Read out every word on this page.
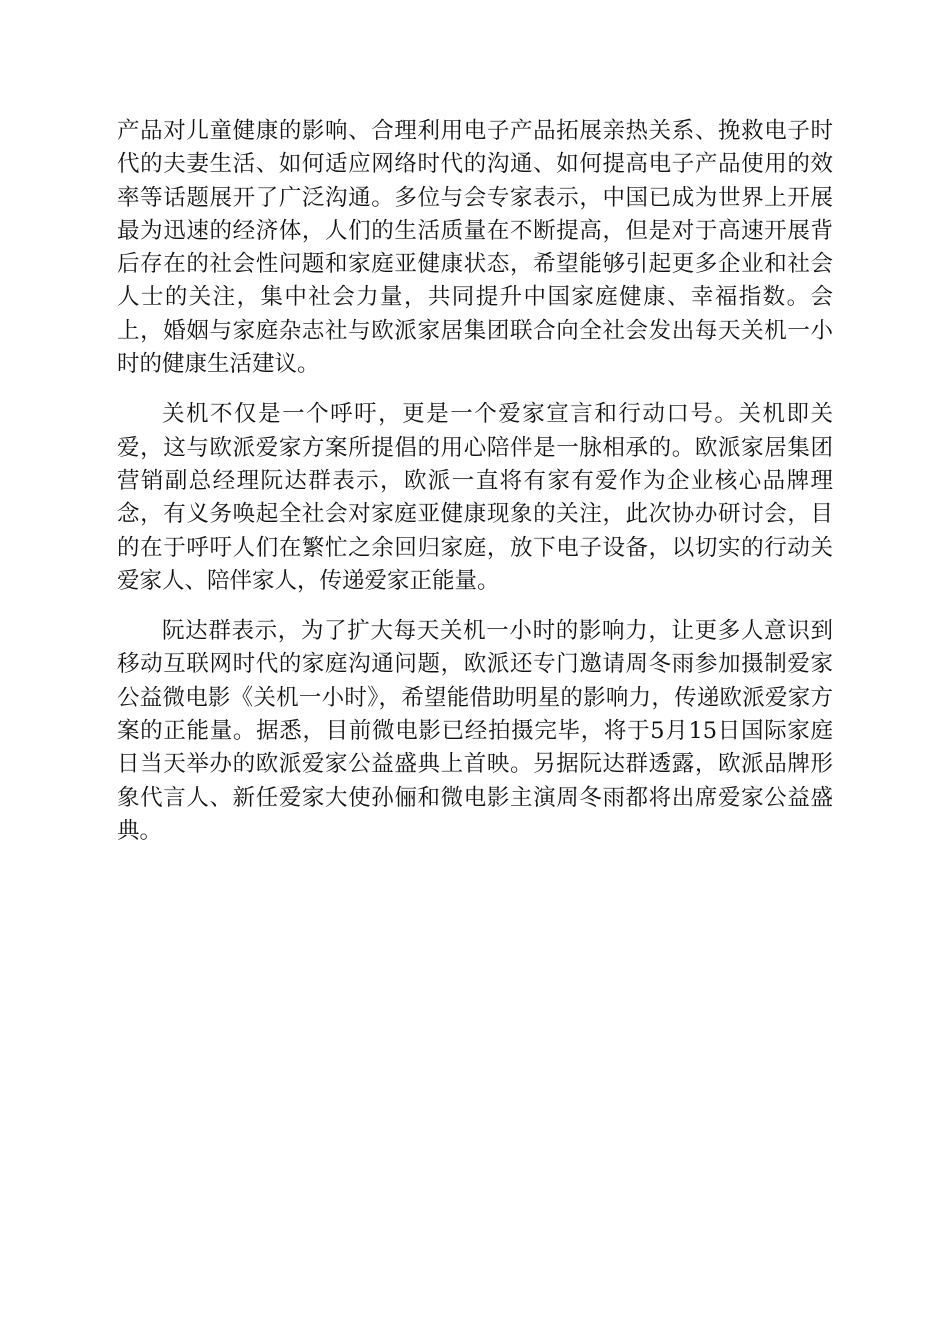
产品对儿童健康的影响、合理利用电子产品拓展亲热关系、挽救电子时代的夫妻生活、如何适应网络时代的沟通、如何提高电子产品使用的效率等话题展开了广泛沟通。多位与会专家表示，中国已成为世界上开展最为迅速的经济体，人们的生活质量在不断提高，但是对于高速开展背后存在的社会性问题和家庭亚健康状态，希望能够引起更多企业和社会人士的关注，集中社会力量，共同提升中国家庭健康、幸福指数。会上，婚姻与家庭杂志社与欧派家居集团联合向全社会发出每天关机一小时的健康生活建议。

关机不仅是一个呼吁，更是一个爱家宣言和行动口号。关机即关爱，这与欧派爱家方案所提倡的用心陪伴是一脉相承的。欧派家居集团营销副总经理阮达群表示，欧派一直将有家有爱作为企业核心品牌理念，有义务唤起全社会对家庭亚健康现象的关注，此次协办研讨会，目的在于呼吁人们在繁忙之余回归家庭，放下电子设备，以切实的行动关爱家人、陪伴家人，传递爱家正能量。

阮达群表示，为了扩大每天关机一小时的影响力，让更多人意识到移动互联网时代的家庭沟通问题，欧派还专门邀请周冬雨参加摄制爱家公益微电影《关机一小时》，希望能借助明星的影响力，传递欧派爱家方案的正能量。据悉，目前微电影已经拍摄完毕，将于5月15日国际家庭日当天举办的欧派爱家公益盛典上首映。另据阮达群透露，欧派品牌形象代言人、新任爱家大使孙俪和微电影主演周冬雨都将出席爱家公益盛典。
